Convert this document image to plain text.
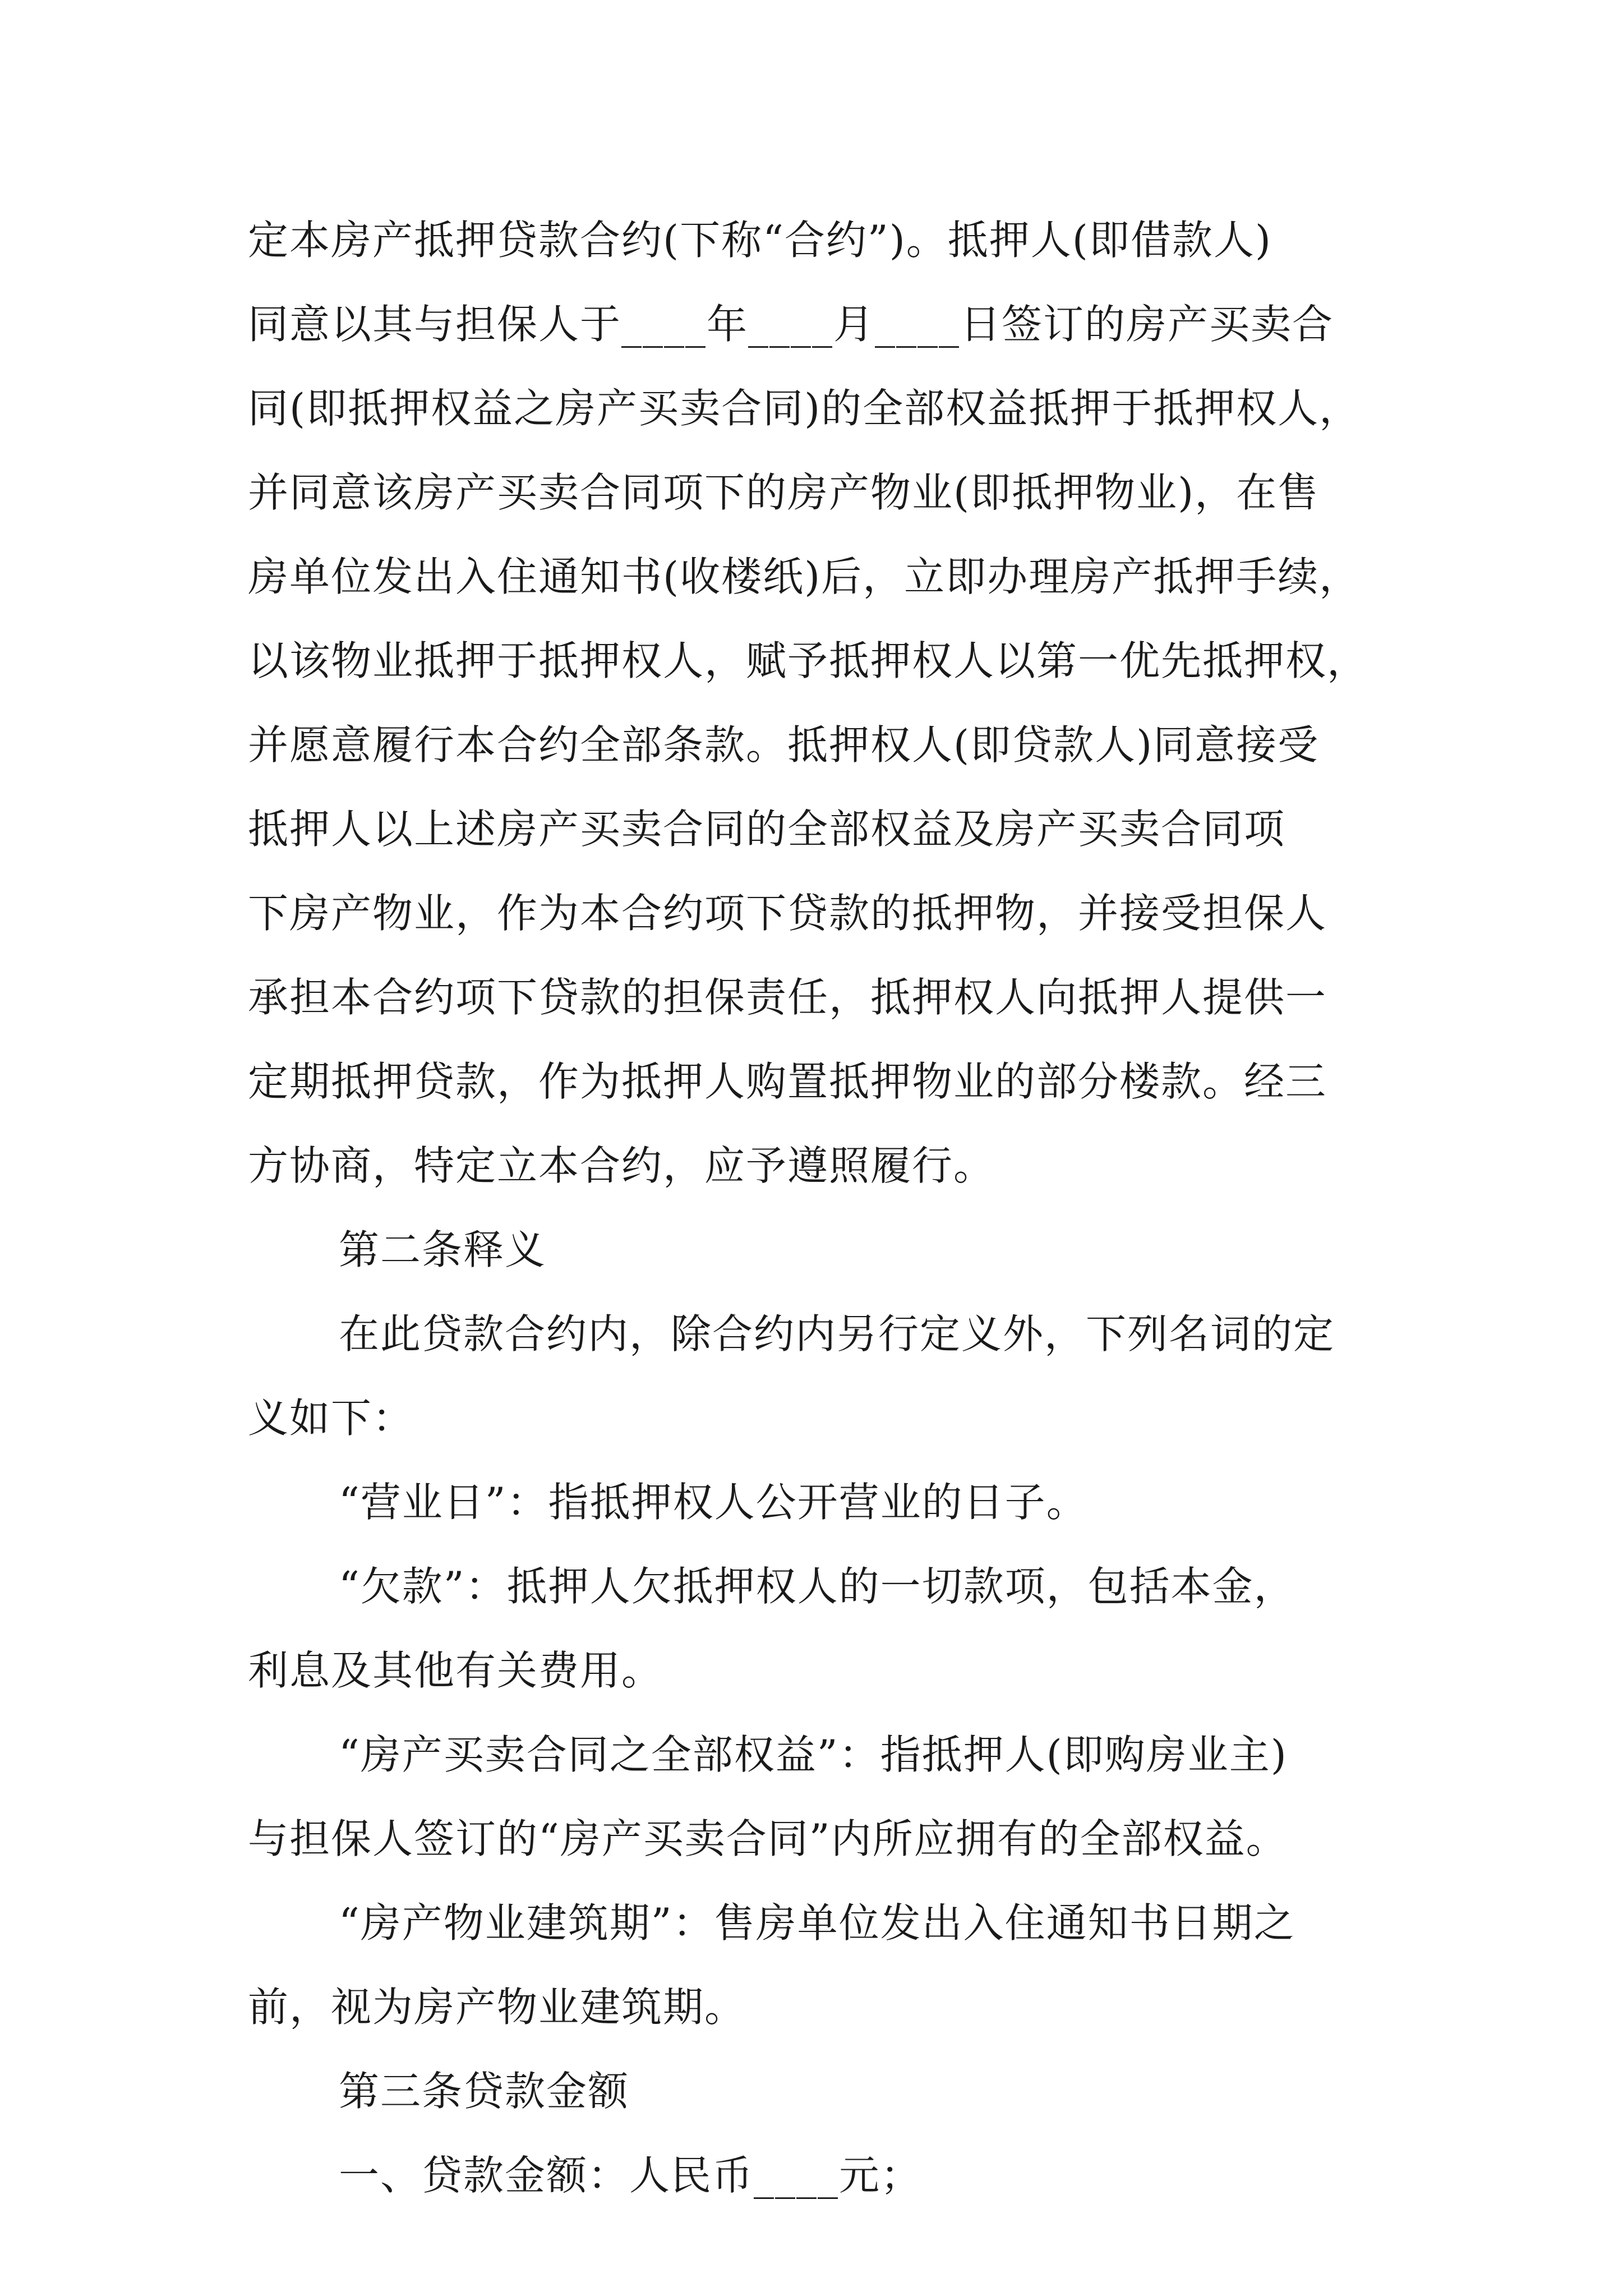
定本房产抵押贷款合约(下称“合约”)。抵押人(即借款人)
同意以其与担保人于____年____月____日签订的房产买卖合
同(即抵押权益之房产买卖合同)的全部权益抵押于抵押权人，
并同意该房产买卖合同项下的房产物业(即抵押物业)，在售
房单位发出入住通知书(收楼纸)后，立即办理房产抵押手续，
以该物业抵押于抵押权人，赋予抵押权人以第一优先抵押权，
并愿意履行本合约全部条款。抵押权人(即贷款人)同意接受
抵押人以上述房产买卖合同的全部权益及房产买卖合同项
下房产物业，作为本合约项下贷款的抵押物，并接受担保人
承担本合约项下贷款的担保责任，抵押权人向抵押人提供一
定期抵押贷款，作为抵押人购置抵押物业的部分楼款。经三
方协商，特定立本合约，应予遵照履行。
第二条释义
在此贷款合约内，除合约内另行定义外，下列名词的定
义如下：
“营业日”：指抵押权人公开营业的日子。
“欠款”：抵押人欠抵押权人的一切款项，包括本金，
利息及其他有关费用。
“房产买卖合同之全部权益”：指抵押人(即购房业主)
与担保人签订的“房产买卖合同”内所应拥有的全部权益。
“房产物业建筑期”：售房单位发出入住通知书日期之
前，视为房产物业建筑期。
第三条贷款金额
一、贷款金额：人民币____元；
